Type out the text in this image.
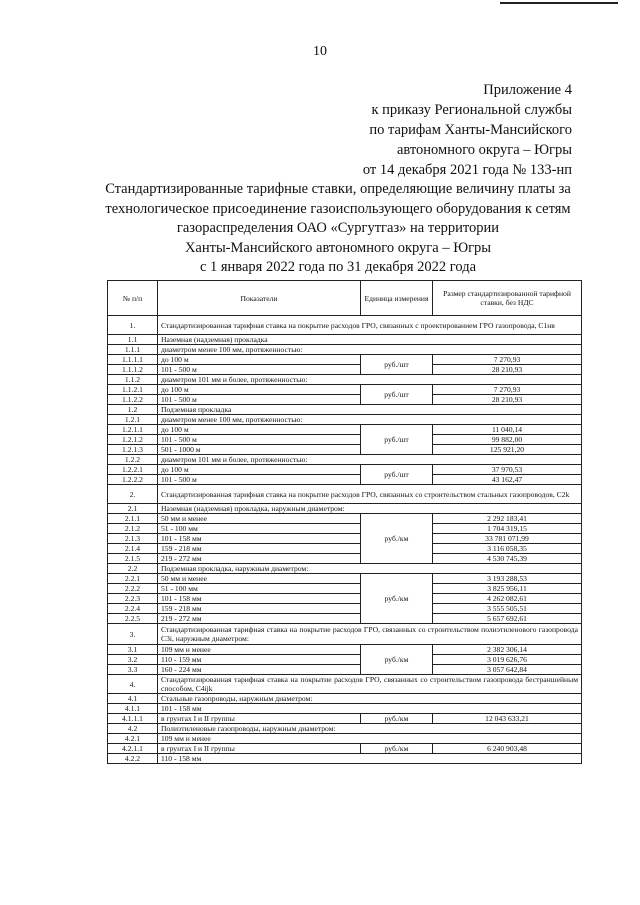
10
Приложение 4
к приказу Региональной службы
по тарифам Ханты-Мансийского
автономного округа – Югры
от 14 декабря 2021 года № 133-нп
Стандартизированные тарифные ставки, определяющие величину платы за
технологическое присоединение газоиспользующего оборудования к сетям
газораспределения ОАО «Сургутгаз» на территории
Ханты-Мансийского автономного округа – Югры
с 1 января 2022 года по 31 декабря 2022 года
№ п/п	Показатели	Единица измерения	Размер стандартизированной тарифной ставки, без НДС
1.	Стандартизированная тарифная ставка на покрытие расходов ГРО, связанных с проектированием ГРО газопровода, C1нв		
1.1	Наземная (надземная) прокладка		
1.1.1	диаметром менее 100 мм, протяженностью:		
1.1.1.1	до 100 м	руб./шт	7 270,93
1.1.1.2	101 - 500 м		28 210,93
1.1.2	диаметром 101 мм и более, протяженностью:		
1.1.2.1	до 100 м	руб./шт	7 270,93
1.1.2.2	101 - 500 м		28 210,93
1.2	Подземная прокладка		
1.2.1	диаметром менее 100 мм, протяженностью:		
1.2.1.1	до 100 м	руб./шт	11 040,14
1.2.1.2	101 - 500 м		99 882,00
1.2.1.3	501 - 1000 м		125 921,20
1.2.2	диаметром 101 мм и более, протяженностью:		
1.2.2.1	до 100 м	руб./шт	37 970,53
1.2.2.2	101 - 500 м		43 162,47
2.	Стандартизированная тарифная ставка на покрытие расходов ГРО, связанных со строительством стальных газопроводов, C2k		
2.1	Наземная (надземная) прокладка, наружным диаметром:		
2.1.1	50 мм и менее	руб./км	2 292 183,41
2.1.2	51 - 100 мм		1 704 319,15
2.1.3	101 - 158 мм		33 781 071,99
2.1.4	159 - 218 мм		3 116 058,35
2.1.5	219 - 272 мм		4 530 745,39
2.2	Подземная прокладка, наружным диаметром:		
2.2.1	50 мм и менее	руб./км	3 193 288,53
2.2.2	51 - 100 мм		3 825 956,11
2.2.3	101 - 158 мм		4 262 082,61
2.2.4	159 - 218 мм		3 555 505,51
2.2.5	219 - 272 мм		5 657 692,61
3.	Стандартизированная тарифная ставка на покрытие расходов ГРО, связанных со строительством полиэтиленового газопровода C3i, наружным диаметром:		
3.1	109 мм и менее	руб./км	2 382 306,14
3.2	110 - 159 мм		3 019 626,76
3.3	160 - 224 мм		3 057 642,84
4.	Стандартизированная тарифная ставка на покрытие расходов ГРО, связанных со строительством газопровода бестраншейным способом, C4ijk		
4.1	Стальные газопроводы, наружным диаметром:		
4.1.1	101 - 158 мм		
4.1.1.1	в грунтах I и II группы	руб./км	12 043 633,21
4.2	Полиэтиленовые газопроводы, наружным диаметром:		
4.2.1	109 мм и менее		
4.2.1.1	в грунтах I и II группы	руб./км	6 240 903,48
4.2.2	110 - 158 мм		
